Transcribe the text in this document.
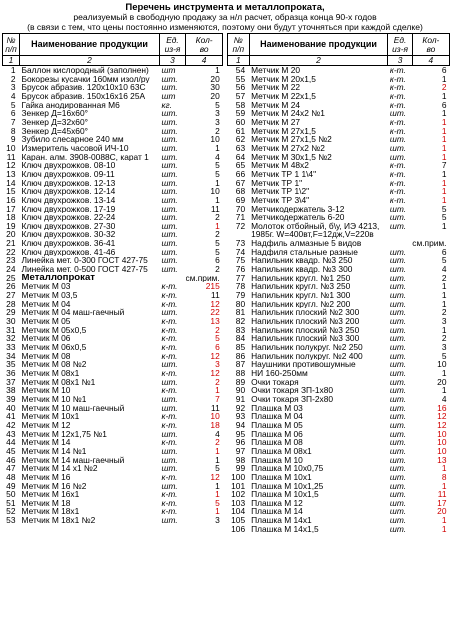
Перечень инструмента и металлопроката,
реализуемый в свободную продажу за н/л расчет, образца конца 90-х годов
(в связи с тем, что цены постоянно изменяются, поэтому они будут уточняться при каждой сделке)
№
п/п	Наименование продукции	Ед.
из-я	Кол-
во
1	2	3	4
1	Баллон кислородный (заполнен)	шт	1
2	Бокорезы кусачки 160мм изол/ру	шт.	20
3	Брусок абразив. 120х10х10 63С	шт.	30
4	Брусок абразив. 150х16х16 25А	шт	20
5	Гайка анодированная М6	кг.	5
6	Зенкер Д=16х60°	шт.	3
7	Зенкер Д=32х60°	шт.	3
8	Зенкер Д=45х60°	шт.	2
9	Зубило слесарное 240 мм	шт.	10
10	Измеритель часовой ИЧ-10	шт.	1
11	Каран. алм. 3908-0088С, карат 1	шт.	4
12	Ключ двухрожков. 08-10	шт.	5
13	Ключ двухрожков. 09-11	шт.	5
14	Ключ двухрожков. 12-13	шт.	1
15	Ключ двухрожков. 12-14	шт.	10
16	Ключ двухрожков. 13-14	шт.	1
17	Ключ двухрожков. 17-19	шт.	11
18	Ключ двухрожков. 22-24	шт.	2
19	Ключ двухрожков. 27-30	шт.	1

20	Ключ двухрожков. 30-32	шт.	2
21	Ключ двухрожков. 36-41	шт.	5
22	Ключ двухрожков. 41-46	шт.	5
23	Линейка мет. 0-300 ГОСТ 427-75	шт.	6
24	Линейка мет. 0-500 ГОСТ 427-75	шт.	2
25	Металлопрокат		см.прим.
26	Метчик М 03	к-т.	215
27	Метчик М 03,5	к-т.	11
28	Метчик М 04	к-т.	12
29	Метчик М 04 маш-гаечный	шт.	22
30	Метчик М 05	к-т.	13
31	Метчик М 05х0,5	к-т.	2
32	Метчик М 06	к-т.	5
33	Метчик М 06х0,5	к-т.	6
34	Метчик М 08	к-т.	12
35	Метчик М 08 №2	шт.	3
36	Метчик М 08х1	к-т.	12
37	Метчик М 08х1 №1	шт.	2
38	Метчик М 10	к-т.	1
39	Метчик М 10 №1	шт.	7
40	Метчик М 10 маш-гаечный	шт.	11
41	Метчик М 10х1	к-т.	10
42	Метчик М 12	к-т.	18
43	Метчик М 12х1,75 №1	шт.	4
44	Метчик М 14	к-т.	2
45	Метчик М 14 №1	шт.	1
46	Метчик М 14 маш-гаечный	шт.	1
47	Метчик М 14 х1 №2	шт.	5
48	Метчик М 16	к-т.	12
49	Метчик М 16 №2	шт.	1
50	Метчик М 16х1	к-т.	1
51	Метчик М 18	к-т.	5
52	Метчик М 18х1	к-т.	1
53	Метчик М 18х1 №2	шт.	3
№
п/п	Наименование продукции	Ед.
из-я	Кол-
во
1	2	3	4
54	Метчик М 20	к-т.	6
55	Метчик М 20х1,5	к-т.	1
56	Метчик М 22	к-т.	2
57	Метчик М 22х1,5	к-т.	1
58	Метчик М 24	к-т.	6
59	Метчик М 24х2 №1	шт.	1
60	Метчик М 27	к-т.	1
61	Метчик М 27х1,5	к-т.	1
62	Метчик М 27х1,5 №2	шт.	1
63	Метчик М 27х2 №2	шт.	1
64	Метчик М 30х1,5 №2	шт.	1
65	Метчик М 48х2	к-т.	7
66	Метчик ТР 1 1\4"	к-т.	1
67	Метчик ТР 1"	к-т.	1
68	Метчик ТР 1\2"	к-т.	1
69	Метчик ТР 3\4"	к-т.	1
70	Метчикодержатель 3-12	шт.	5
71	Метчикодержатель 6-20	шт.	5
72	Молоток отбойный, б\у, ИЭ 4213, 1985г. W=400вт,F=12дж,V=220в	шт.	1
73	Надфиль алмазные 5 видов		см.прим.
74	Надфиля стальные разные	шт.	6
75	Напильник квадр. №3 250	шт.	5
76	Напильник квадр. №3 300	шт.	4
77	Напильник кругл. №1 250	шт.	2
78	Напильник кругл. №3 250	шт.	1
79	Напильник кругл. №1 300	шт.	1
80	Напильник кругл. №2 200	шт.	1
81	Напильник плоский №2 300	шт.	2
82	Напильник плоский №3 200	шт.	3
83	Напильник плоский №3 250	шт.	1
84	Напильник плоский №3 300	шт.	2
85	Напильник полукруг. №2 250	шт.	3
86	Напильник полукруг. №2 400	шт.	5
87	Наушники противошумные	шт.	10
88	НИ 160-250мм	шт.	1
89	Очки токаря	шт.	20
90	Очки токаря ЗП-1х80	шт.	1
91	Очки токаря ЗП-2х80	шт.	4
92	Плашка М 03	шт.	16
93	Плашка М 04	шт.	12
94	Плашка М 05	шт.	12
95	Плашка М 06	шт.	10
96	Плашка М 08	шт.	10
97	Плашка М 08х1	шт.	10
98	Плашка М 10	шт.	13
99	Плашка М 10х0,75	шт.	1
100	Плашка М 10х1	шт.	8
101	Плашка М 10х1,25	шт.	1
102	Плашка М 10х1,5	шт.	11
103	Плашка М 12	шт.	17
104	Плашка М 14	шт.	20
105	Плашка М 14х1	шт.	1
106	Плашка М 14х1,5	шт.	1
